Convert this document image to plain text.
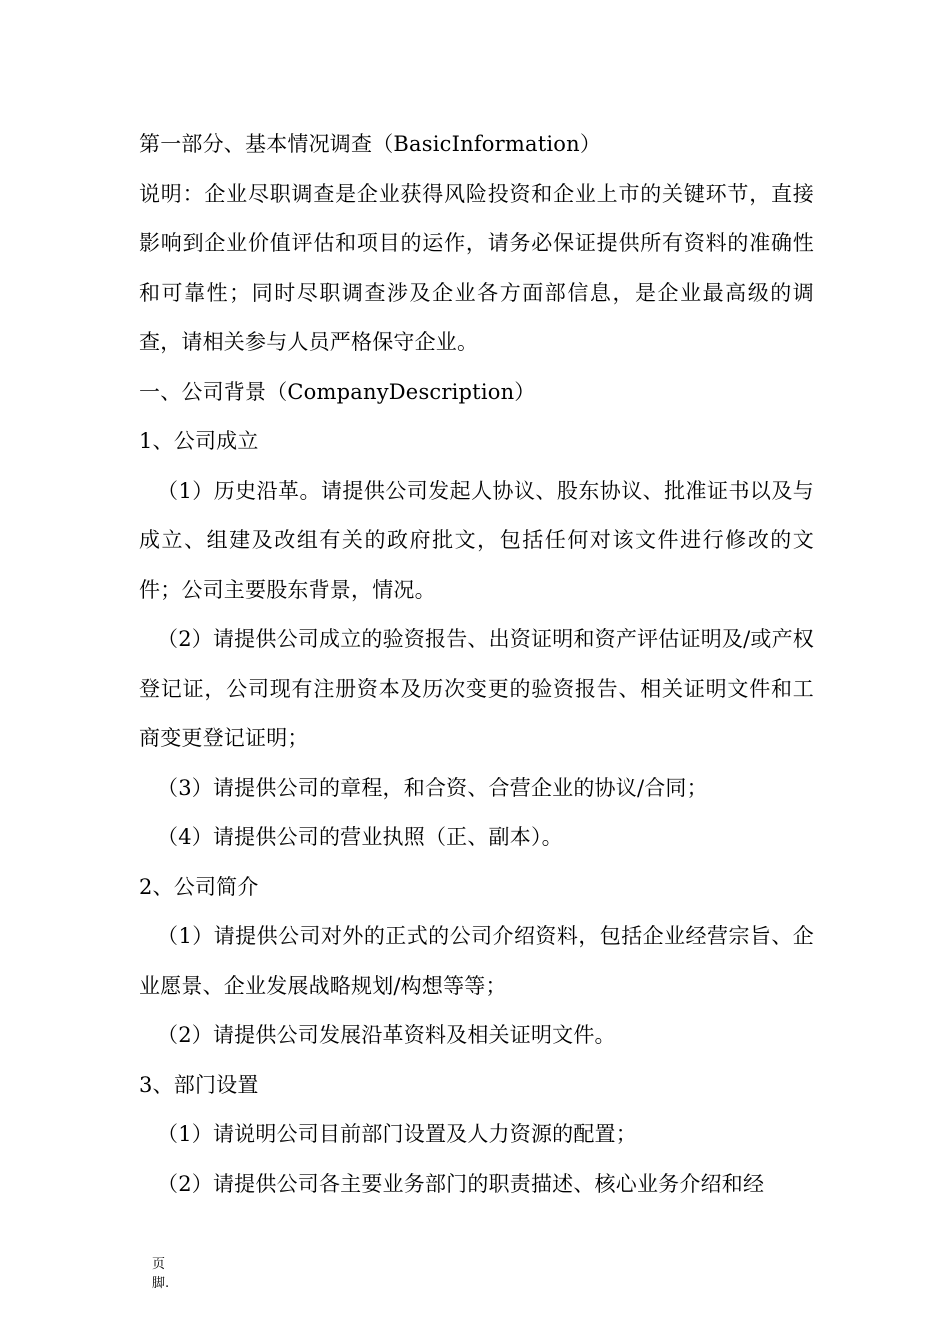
第一部分、基本情况调查（BasicInformation）

说明：企业尽职调查是企业获得风险投资和企业上市的关键环节，直接影响到企业价值评估和项目的运作，请务必保证提供所有资料的准确性和可靠性；同时尽职调查涉及企业各方面部信息，是企业最高级的调查，请相关参与人员严格保守企业。

一、公司背景（CompanyDescription）

1、公司成立

（1）历史沿革。请提供公司发起人协议、股东协议、批准证书以及与成立、组建及改组有关的政府批文，包括任何对该文件进行修改的文件；公司主要股东背景，情况。

（2）请提供公司成立的验资报告、出资证明和资产评估证明及/或产权登记证，公司现有注册资本及历次变更的验资报告、相关证明文件和工商变更登记证明；

（3）请提供公司的章程，和合资、合营企业的协议/合同；

（4）请提供公司的营业执照（正、副本）。

2、公司简介

（1）请提供公司对外的正式的公司介绍资料，包括企业经营宗旨、企业愿景、企业发展战略规划/构想等等；

（2）请提供公司发展沿革资料及相关证明文件。

3、部门设置

（1）请说明公司目前部门设置及人力资源的配置；

（2）请提供公司各主要业务部门的职责描述、核心业务介绍和经

页
脚.
